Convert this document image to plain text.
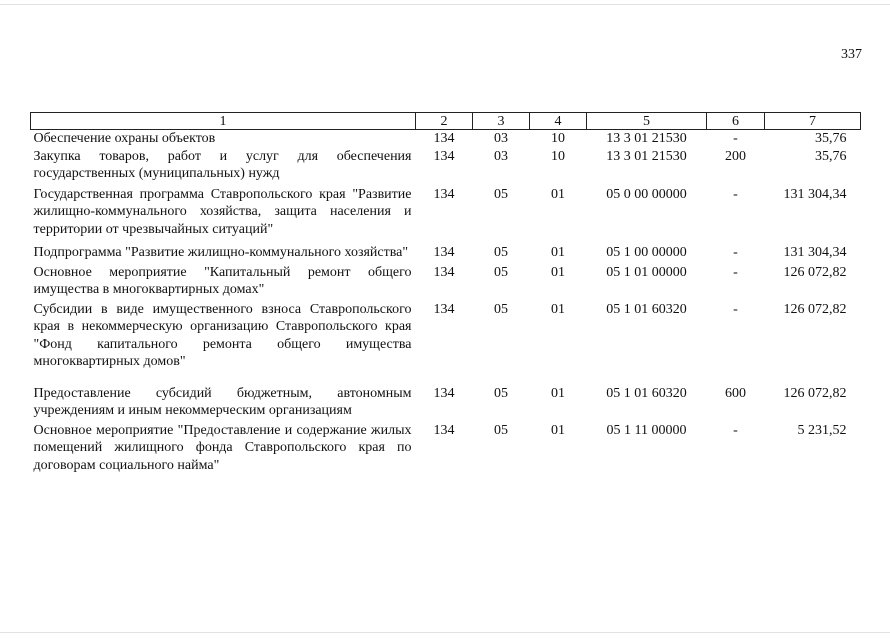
337
1	2	3	4	5	6	7
Обеспечение охраны объектов	134	03	10	13 3 01 21530	-	35,76
Закупка товаров, работ и услуг для обеспечения государственных (муниципальных) нужд	134	03	10	13 3 01 21530	200	35,76
Государственная программа Ставропольского края "Развитие жилищно-коммунального хозяйства, защита населения и территории от чрезвычайных ситуаций"	134	05	01	05 0 00 00000	-	131 304,34
Подпрограмма "Развитие жилищно-коммунального хозяйства"	134	05	01	05 1 00 00000	-	131 304,34
Основное мероприятие "Капитальный ремонт общего имущества в многоквартирных домах"	134	05	01	05 1 01 00000	-	126 072,82
Субсидии в виде имущественного взноса Ставропольского края в некоммерческую организацию Ставропольского края "Фонд капитального ремонта общего имущества многоквартирных домов"	134	05	01	05 1 01 60320	-	126 072,82
Предоставление субсидий бюджетным, автономным учреждениям и иным некоммерческим организациям	134	05	01	05 1 01 60320	600	126 072,82
Основное мероприятие "Предоставление и содержание жилых помещений жилищного фонда Ставропольского края по договорам социального найма"	134	05	01	05 1 11 00000	-	5 231,52
